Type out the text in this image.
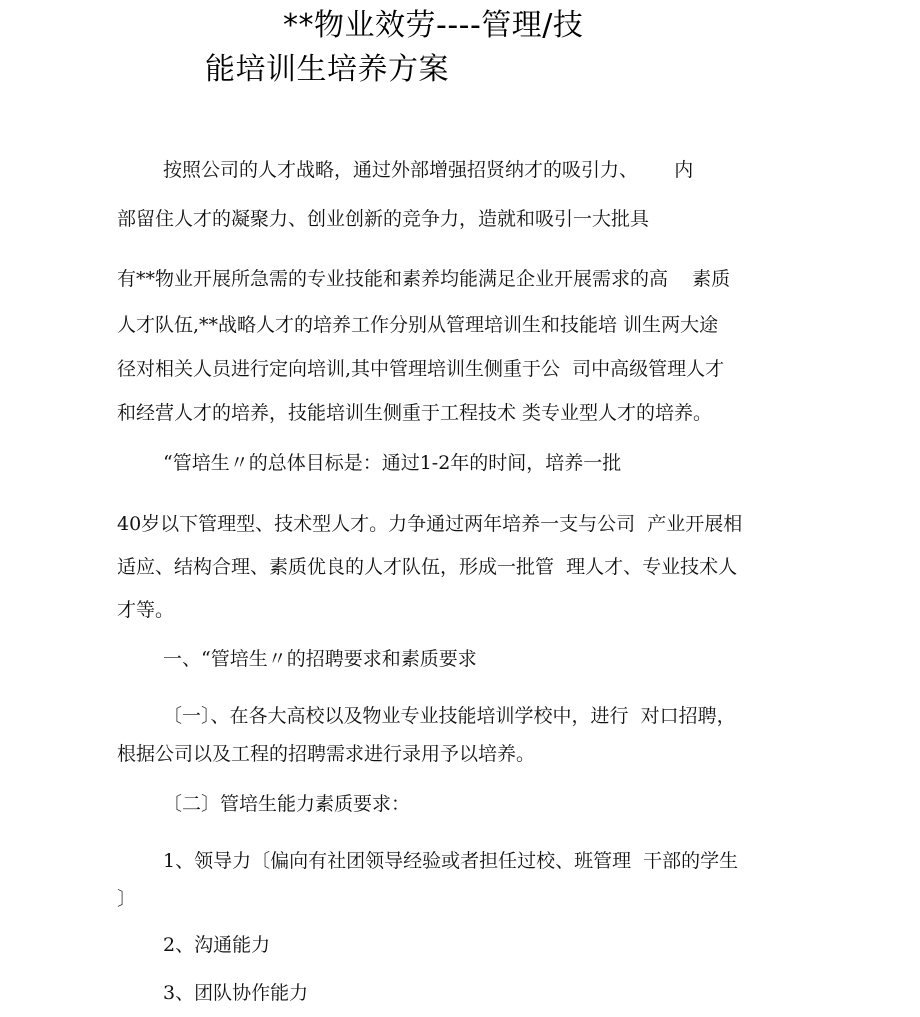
**物业效劳----管理/技
能培训生培养方案
按照公司的人才战略，通过外部增强招贤纳才的吸引力、      内
部留住人才的凝聚力、创业创新的竞争力，造就和吸引一大批具
有**物业开展所急需的专业技能和素养均能满足企业开展需求的高    素质
人才队伍,**战略人才的培养工作分别从管理培训生和技能培 训生两大途
径对相关人员进行定向培训,其中管理培训生侧重于公  司中高级管理人才
和经营人才的培养，技能培训生侧重于工程技术 类专业型人才的培养。
“管培生〃的总体目标是：通过1-2年的时间，培养一批
40岁以下管理型、技术型人才。力争通过两年培养一支与公司  产业开展相
适应、结构合理、素质优良的人才队伍，形成一批管  理人才、专业技术人
才等。
一、“管培生〃的招聘要求和素质要求
〔一〕、在各大高校以及物业专业技能培训学校中，进行  对口招聘，
根据公司以及工程的招聘需求进行录用予以培养。
〔二〕管培生能力素质要求：
1、领导力〔偏向有社团领导经验或者担任过校、班管理  干部的学生
〕
2、沟通能力
3、团队协作能力
